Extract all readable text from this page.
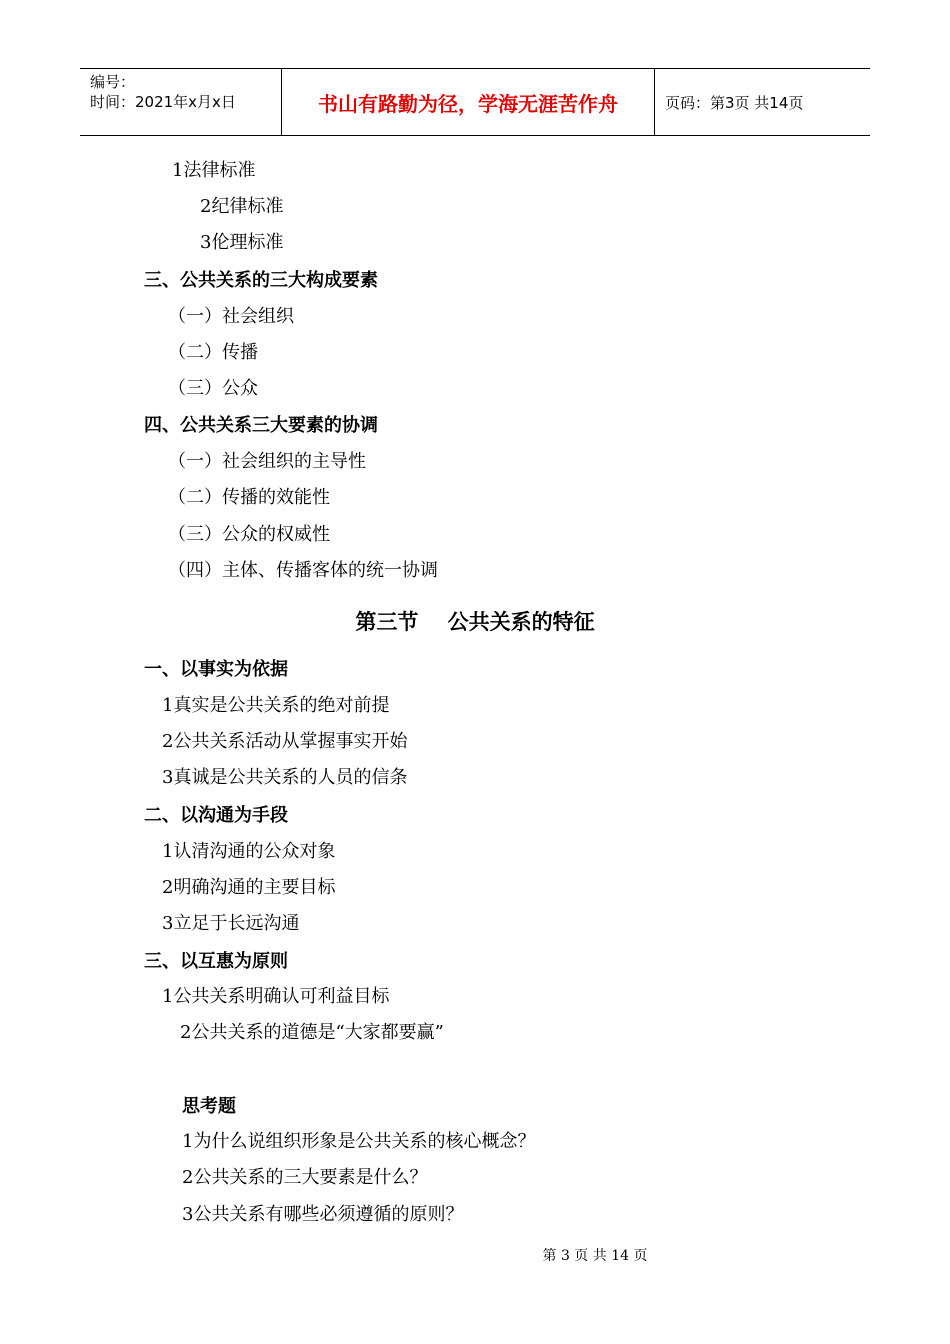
编号：
时间：2021年x月x日	书山有路勤为径，学海无涯苦作舟	页码：第3页 共14页
1法律标准
2纪律标准
3伦理标准
三、公共关系的三大构成要素
（一）社会组织
（二）传播
（三）公众
四、公共关系三大要素的协调
（一）社会组织的主导性
（二）传播的效能性
（三）公众的权威性
（四）主体、传播客体的统一协调
第三节    公共关系的特征
一、以事实为依据
1真实是公共关系的绝对前提
2公共关系活动从掌握事实开始
3真诚是公共关系的人员的信条
二、以沟通为手段
1认清沟通的公众对象
2明确沟通的主要目标
3立足于长远沟通
三、以互惠为原则
1公共关系明确认可利益目标
2公共关系的道德是“大家都要赢”
思考题
1为什么说组织形象是公共关系的核心概念？
2公共关系的三大要素是什么？
3公共关系有哪些必须遵循的原则？
第 3 页 共 14 页
